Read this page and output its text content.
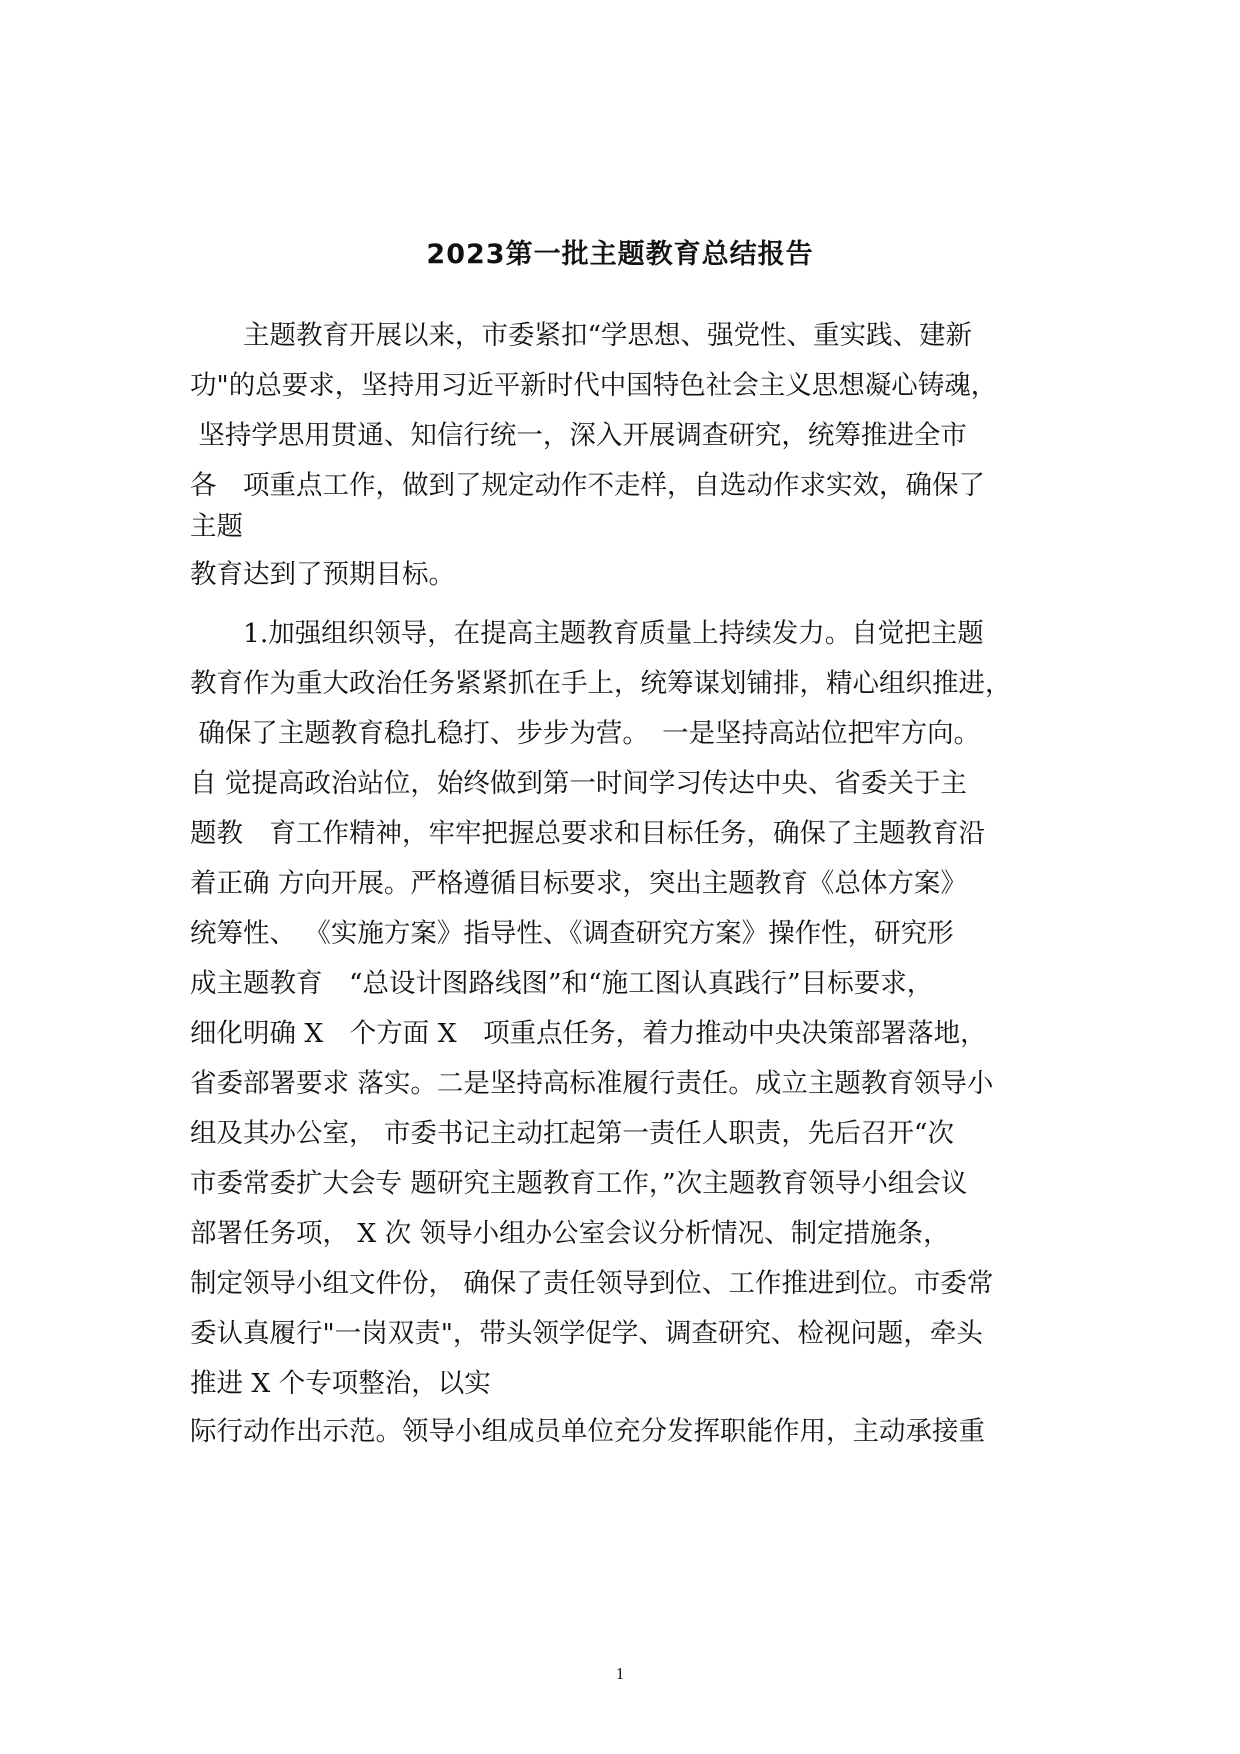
2023第一批主题教育总结报告
　　主题教育开展以来，市委紧扣“学思想、强党性、重实践、建新
功"的总要求，坚持用习近平新时代中国特色社会主义思想凝心铸魂，
坚持学思用贯通、知信行统一，深入开展调查研究，统筹推进全市
各　项重点工作，做到了规定动作不走样，自选动作求实效，确保了
主题
教育达到了预期目标。
　　1.加强组织领导，在提高主题教育质量上持续发力。自觉把主题
教育作为重大政治任务紧紧抓在手上，统筹谋划铺排，精心组织推进，
确保了主题教育稳扎稳打、步步为营。　一是坚持高站位把牢方向。
自 觉提高政治站位，始终做到第一时间学习传达中央、省委关于主
题教　育工作精神，牢牢把握总要求和目标任务，确保了主题教育沿
着正确 方向开展。严格遵循目标要求，突出主题教育《总体方案》
统筹性、 《实施方案》指导性、《调查研究方案》操作性，研究形
成主题教育　“总设计图路线图”和“施工图认真践行”目标要求，
细化明确 X　个方面 X　项重点任务，着力推动中央决策部署落地，
省委部署要求 落实。二是坚持高标准履行责任。成立主题教育领导小
组及其办公室， 市委书记主动扛起第一责任人职责，先后召开“次
市委常委扩大会专 题研究主题教育工作，”次主题教育领导小组会议
部署任务项， X 次 领导小组办公室会议分析情况、制定措施条，
制定领导小组文件份， 确保了责任领导到位、工作推进到位。市委常
委认真履行"一岗双责"，带头领学促学、调查研究、检视问题，牵头
推进 X 个专项整治，以实
际行动作出示范。领导小组成员单位充分发挥职能作用，主动承接重
1
